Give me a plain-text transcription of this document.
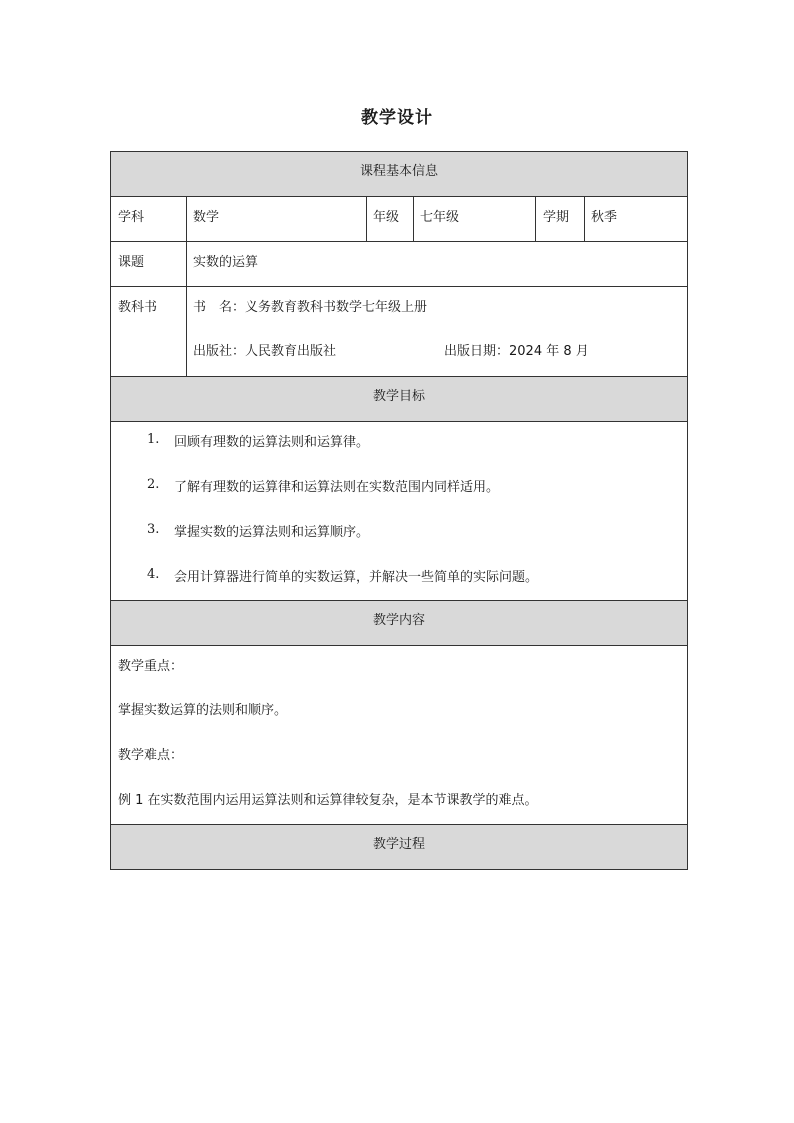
教学设计
课程基本信息
学科	数学	年级 七年级	学期 秋季
课题	实数的运算
教科书	书　名：义务教育教科书数学七年级上册
出版社：人民教育出版社	出版日期：2024 年 8 月
教学目标
1. 回顾有理数的运算法则和运算律。
2. 了解有理数的运算律和运算法则在实数范围内同样适用。
3. 掌握实数的运算法则和运算顺序。
4. 会用计算器进行简单的实数运算，并解决一些简单的实际问题。
教学内容
教学重点：
掌握实数运算的法则和顺序。
教学难点：
例 1 在实数范围内运用运算法则和运算律较复杂，是本节课教学的难点。
教学过程
